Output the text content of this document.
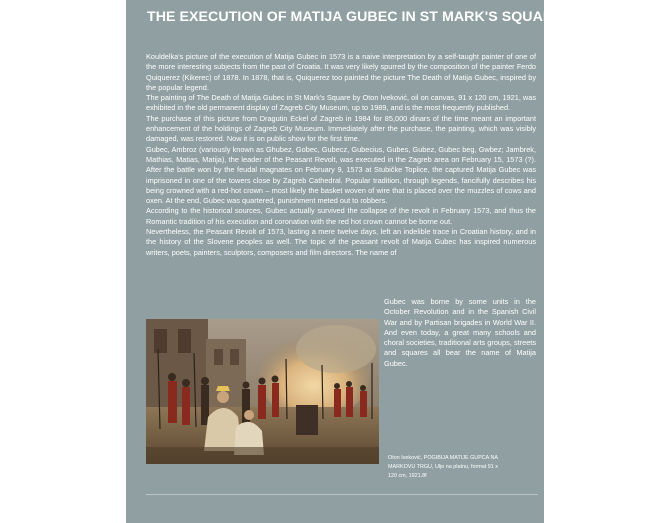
THE EXECUTION OF MATIJA GUBEC IN ST MARK'S SQUARE

Kouldelka's picture of the execution of Matija Gubec in 1573 is a naive interpretation by a self-taught painter of one of the more interesting subjects from the past of Croatia. It was very likely spurred by the composition of the painter Ferdo Quiquerez (Kikerec) of 1878. In 1878, that is, Quiquerez too painted the picture The Death of Matija Gubec, inspired by the popular legend.

The painting of The Death of Matija Gubec in St Mark's Square by Oton Iveković, oil on canvas, 91 x 120 cm, 1921, was exhibited in the old permanent display of Zagreb City Museum, up to 1989, and is the most frequently published.

The purchase of this picture from Dragutin Eckel of Zagreb in 1984 for 85,000 dinars of the time meant an important enhancement of the holdings of Zagreb City Museum. Immediately after the purchase, the painting, which was visibly damaged, was restored. Now it is on public show for the first time.

Gubec, Ambroz (variously known as Ghubez, Gobec, Gubecz, Gubecius, Gubes, Gubez, Gubec beg, Gwbez; Jambrek, Mathias, Matias, Matija), the leader of the Peasant Revolt, was executed in the Zagreb area on February 15, 1573 (?). After the battle won by the feudal magnates on February 9, 1573 at Stubičke Toplice, the captured Matija Gubec was imprisoned in one of the towers close by Zagreb Cathedral. Popular tradition, through legends, fancifully describes his being crowned with a red-hot crown – most likely the basket woven of wire that is placed over the muzzles of cows and oxen. At the end, Gubec was quartered, punishment meted out to robbers.

According to the historical sources, Gubec actually survived the collapse of the revolt in February 1573, and thus the Romantic tradition of his execution and coronation with the red hot crown cannot be borne out.

Nevertheless, the Peasant Revolt of 1573, lasting a mere twelve days, left an indelible trace in Croatian history, and in the history of the Slovene peoples as well. The topic of the peasant revolt of Matija Gubec has inspired numerous writers, poets, painters, sculptors, composers and film directors. The name of

Gubec was borne by some units in the October Revolution and in the Spanish Civil War and by Partisan brigades in World War II. And even today, a great many schools and choral societies, traditional arts groups, streets and squares all bear the name of Matija Gubec.
Oton Iveković, POGIBIJA MATIJE GUPCA NA MARKOVU TRGU, Ulje na platnu, format 91 x 120 cm, 1921.8f
